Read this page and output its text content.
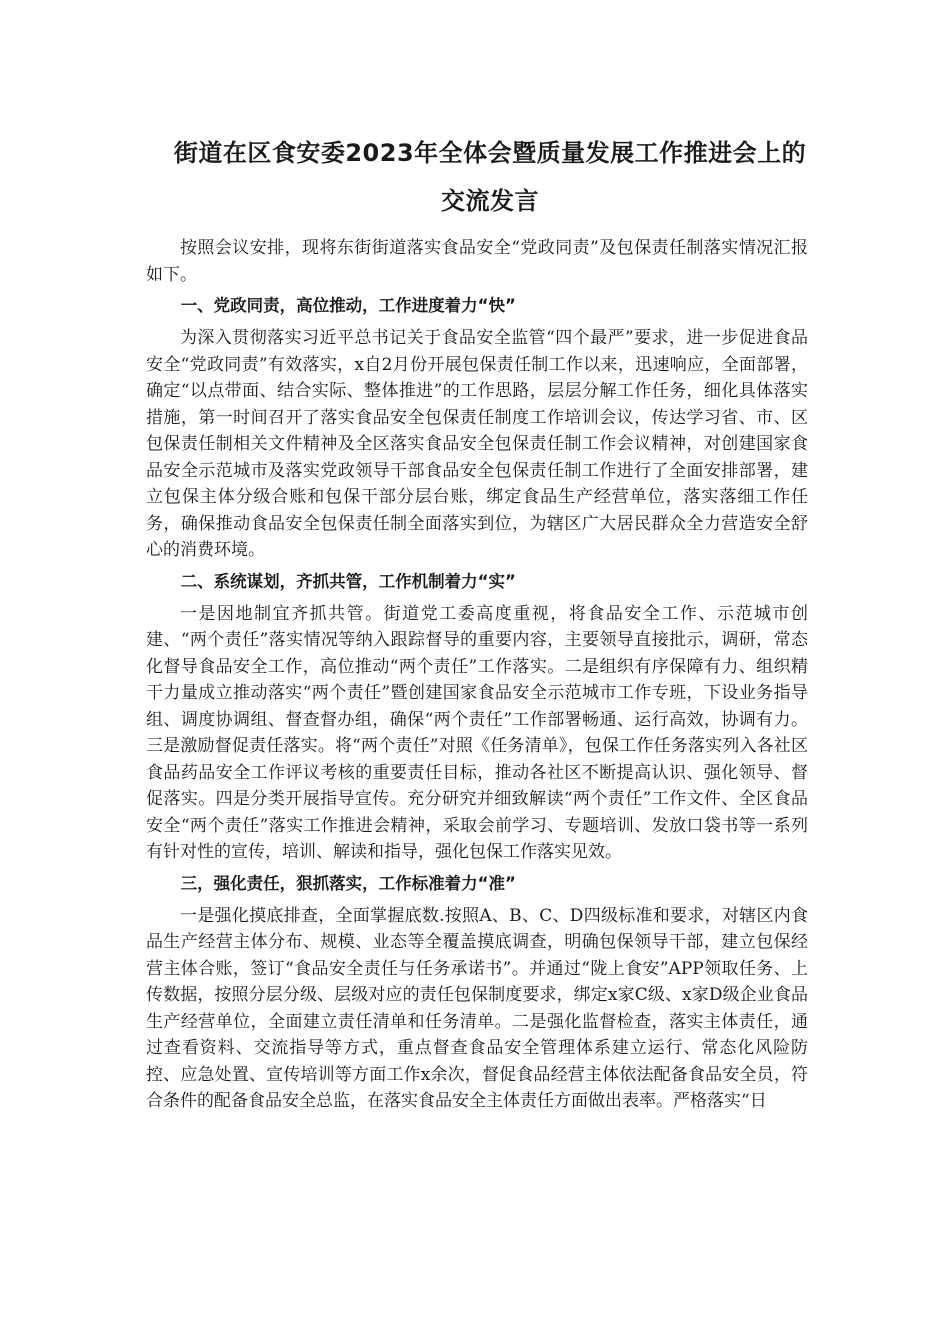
街道在区食安委2023年全体会暨质量发展工作推进会上的
交流发言

按照会议安排，现将东街街道落实食品安全“党政同责”及包保责任制落实情况汇报如下。

一、党政同责，高位推动，工作进度着力“快”

为深入贯彻落实习近平总书记关于食品安全监管“四个最严”要求，进一步促进食品安全“党政同责”有效落实，x自2月份开展包保责任制工作以来，迅速响应，全面部署，确定“以点带面、结合实际、整体推进”的工作思路，层层分解工作任务，细化具体落实措施，第一时间召开了落实食品安全包保责任制度工作培训会议，传达学习省、市、区包保责任制相关文件精神及全区落实食品安全包保责任制工作会议精神，对创建国家食品安全示范城市及落实党政领导干部食品安全包保责任制工作进行了全面安排部署，建立包保主体分级合账和包保干部分层台账，绑定食品生产经营单位，落实落细工作任务，确保推动食品安全包保责任制全面落实到位，为辖区广大居民群众全力营造安全舒心的消费环境。

二、系统谋划，齐抓共管，工作机制着力“实”

一是因地制宜齐抓共管。街道党工委高度重视，将食品安全工作、示范城市创建、“两个责任”落实情况等纳入跟踪督导的重要内容，主要领导直接批示，调研，常态化督导食品安全工作，高位推动“两个责任”工作落实。二是组织有序保障有力、组织精干力量成立推动落实“两个责任”暨创建国家食品安全示范城市工作专班，下设业务指导组、调度协调组、督查督办组，确保“两个责任”工作部署畅通、运行高效，协调有力。三是激励督促责任落实。将“两个责任”对照《任务清单》，包保工作任务落实列入各社区食品药品安全工作评议考核的重要责任目标，推动各社区不断提高认识、强化领导、督促落实。四是分类开展指导宣传。充分研究并细致解读“两个责任”工作文件、全区食品安全“两个责任”落实工作推进会精神，采取会前学习、专题培训、发放口袋书等一系列有针对性的宣传，培训、解读和指导，强化包保工作落实见效。

三，强化责任，狠抓落实，工作标准着力“准”

一是强化摸底排查，全面掌握底数.按照A、B、C、D四级标准和要求，对辖区内食品生产经营主体分布、规模、业态等全覆盖摸底调查，明确包保领导干部，建立包保经营主体合账，签订“食品安全责任与任务承诺书”。并通过“陇上食安”APP领取任务、上传数据，按照分层分级、层级对应的责任包保制度要求，绑定x家C级、x家D级企业食品生产经营单位，全面建立责任清单和任务清单。二是强化监督检查，落实主体责任，通过查看资料、交流指导等方式，重点督查食品安全管理体系建立运行、常态化风险防控、应急处置、宣传培训等方面工作x余次，督促食品经营主体依法配备食品安全员，符合条件的配备食品安全总监，在落实食品安全主体责任方面做出表率。严格落实“日
